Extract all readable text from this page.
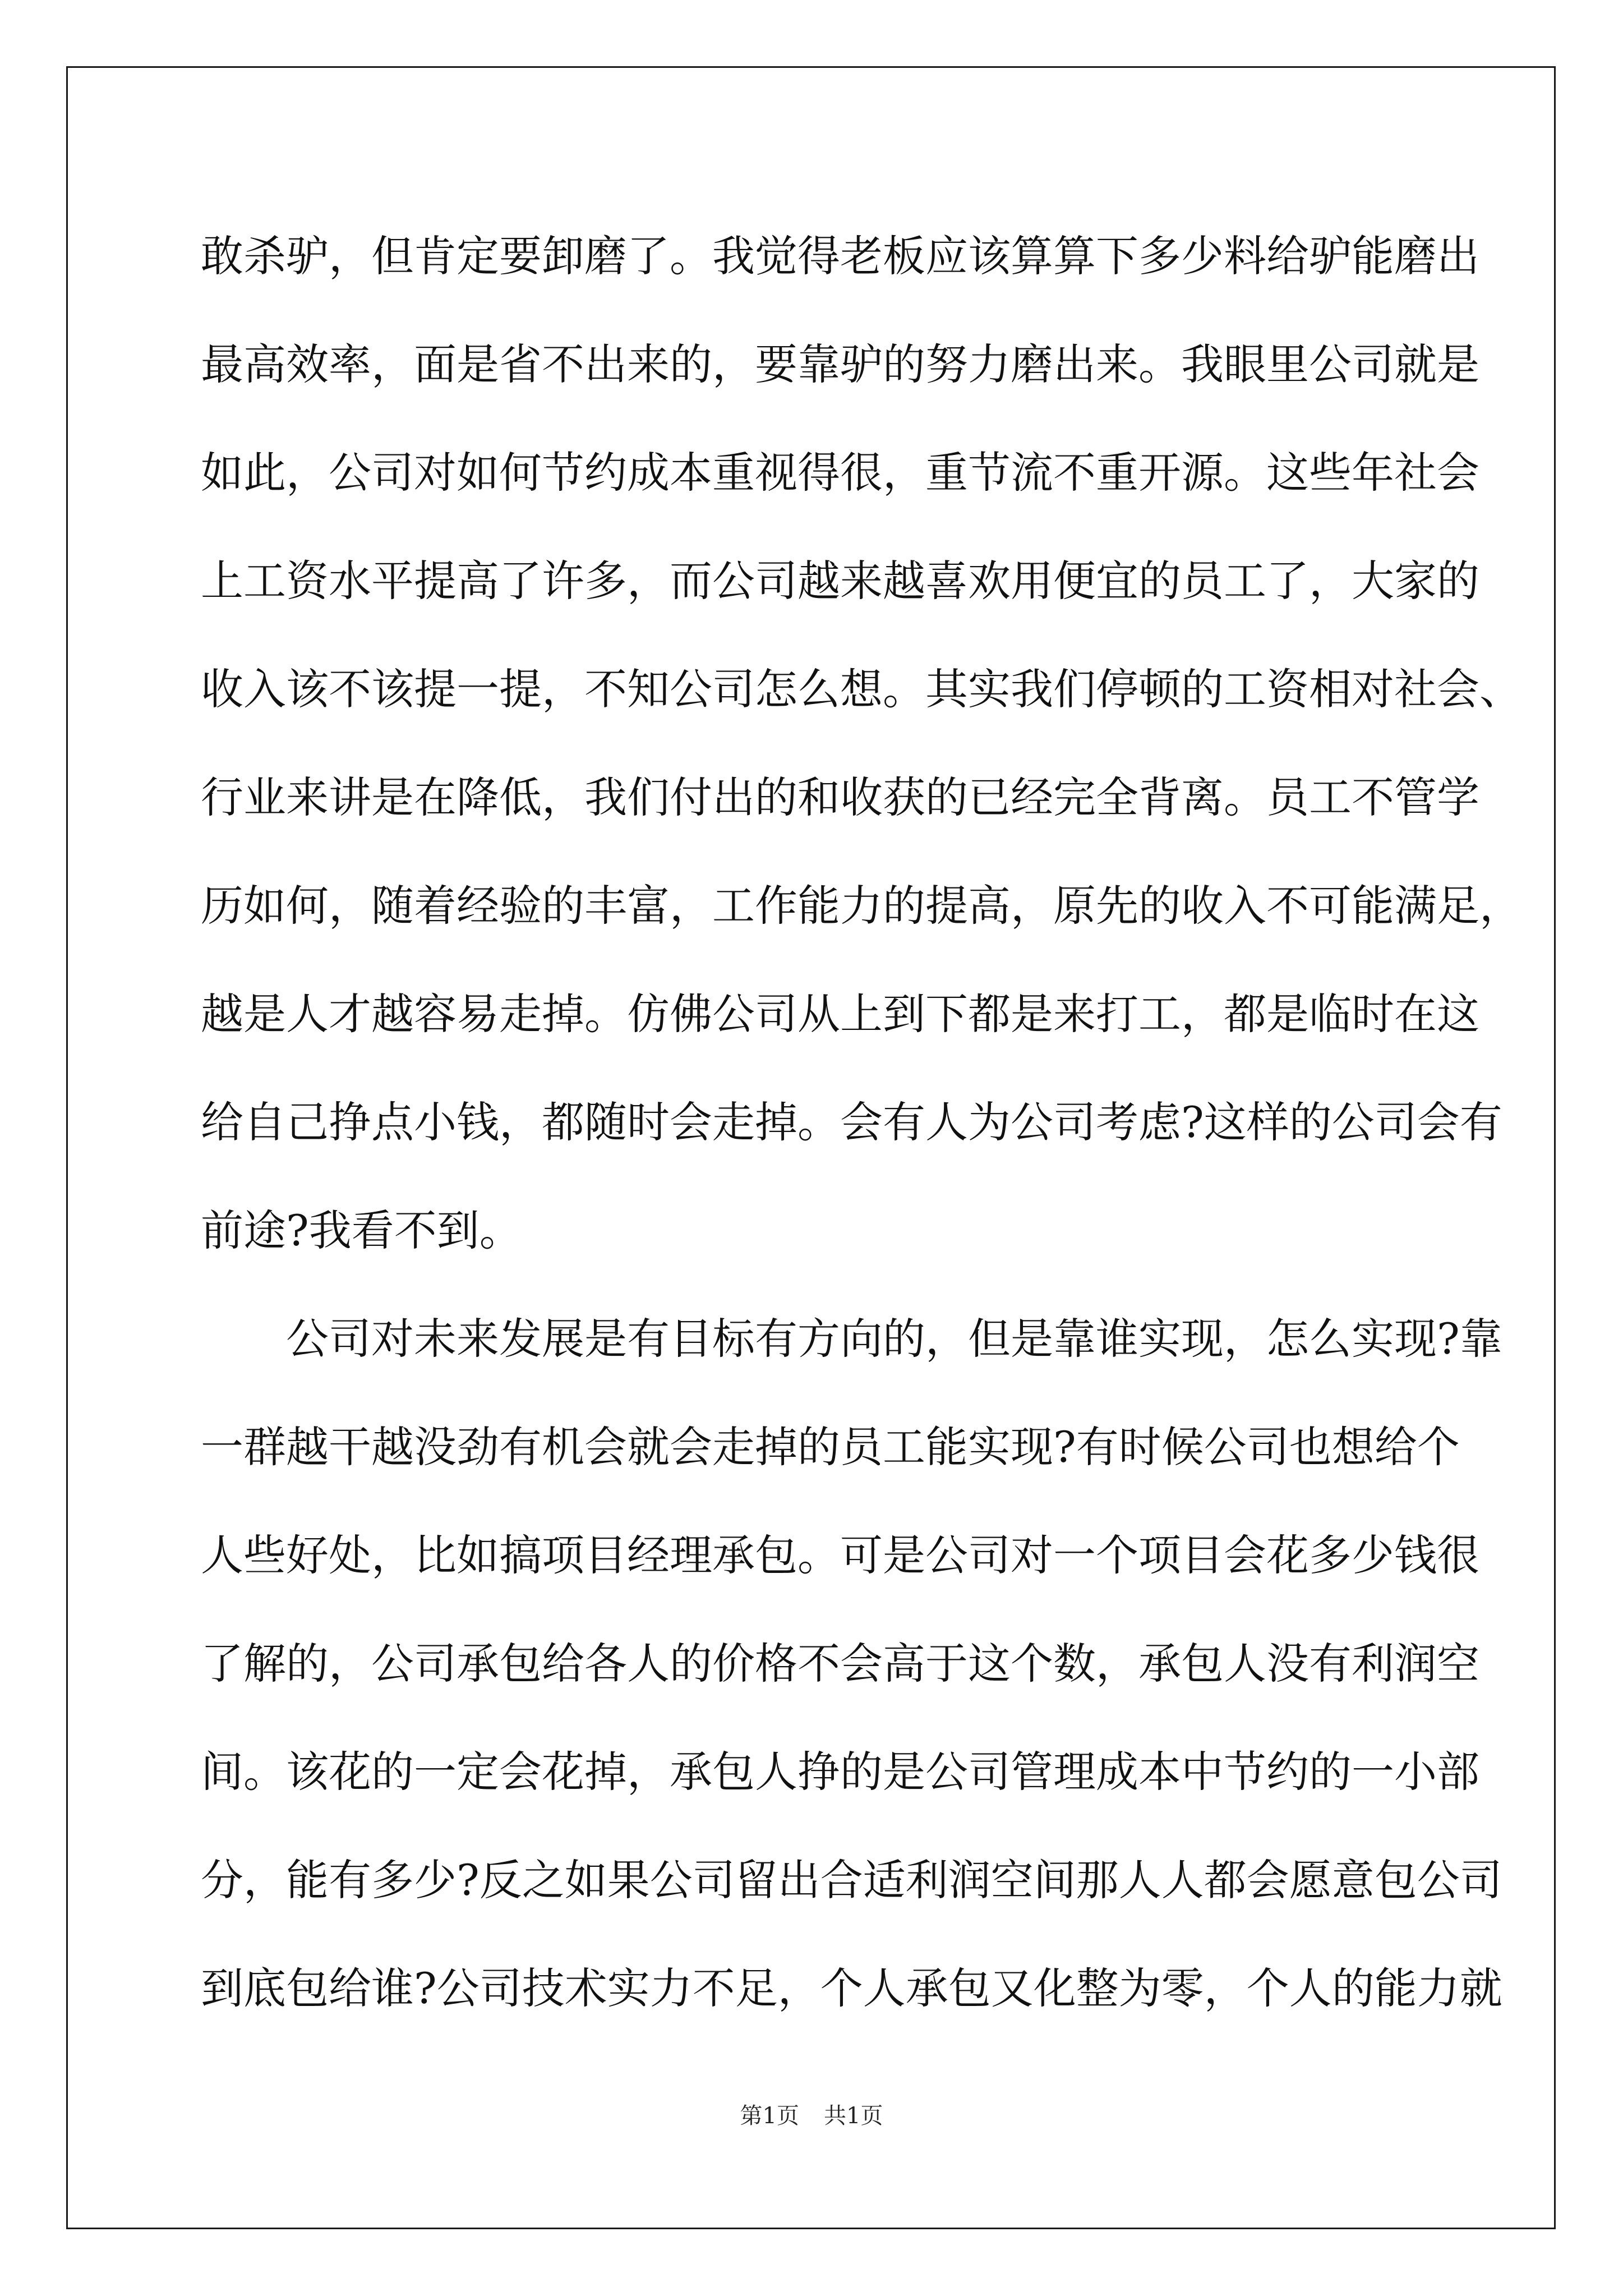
敢杀驴，但肯定要卸磨了。我觉得老板应该算算下多少料给驴能磨出
最高效率，面是省不出来的，要靠驴的努力磨出来。我眼里公司就是
如此，公司对如何节约成本重视得很，重节流不重开源。这些年社会
上工资水平提高了许多，而公司越来越喜欢用便宜的员工了，大家的
收入该不该提一提，不知公司怎么想。其实我们停顿的工资相对社会、
行业来讲是在降低，我们付出的和收获的已经完全背离。员工不管学
历如何，随着经验的丰富，工作能力的提高，原先的收入不可能满足，
越是人才越容易走掉。仿佛公司从上到下都是来打工，都是临时在这
给自己挣点小钱，都随时会走掉。会有人为公司考虑?这样的公司会有
前途?我看不到。
公司对未来发展是有目标有方向的，但是靠谁实现，怎么实现?靠
一群越干越没劲有机会就会走掉的员工能实现?有时候公司也想给个
人些好处，比如搞项目经理承包。可是公司对一个项目会花多少钱很
了解的，公司承包给各人的价格不会高于这个数，承包人没有利润空
间。该花的一定会花掉，承包人挣的是公司管理成本中节约的一小部
分，能有多少?反之如果公司留出合适利润空间那人人都会愿意包公司
到底包给谁?公司技术实力不足，个人承包又化整为零，个人的能力就
第1页 共1页
